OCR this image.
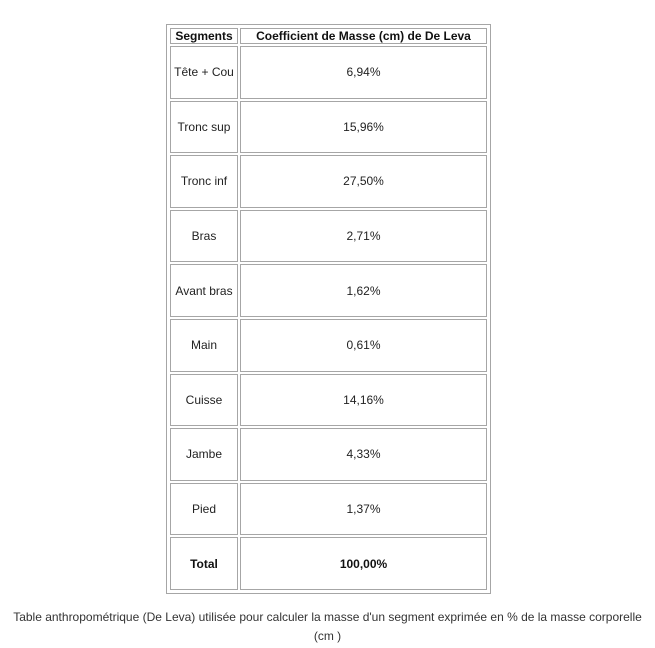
Segments	Coefficient de Masse (cm) de De Leva
Tête + Cou	6,94%
Tronc sup	15,96%
Tronc inf	27,50%
Bras	2,71%
Avant bras	1,62%
Main	0,61%
Cuisse	14,16%
Jambe	4,33%
Pied	1,37%
Total	100,00%
Table anthropométrique (De Leva) utilisée pour calculer la masse d'un segment exprimée en % de la masse corporelle (cm )
